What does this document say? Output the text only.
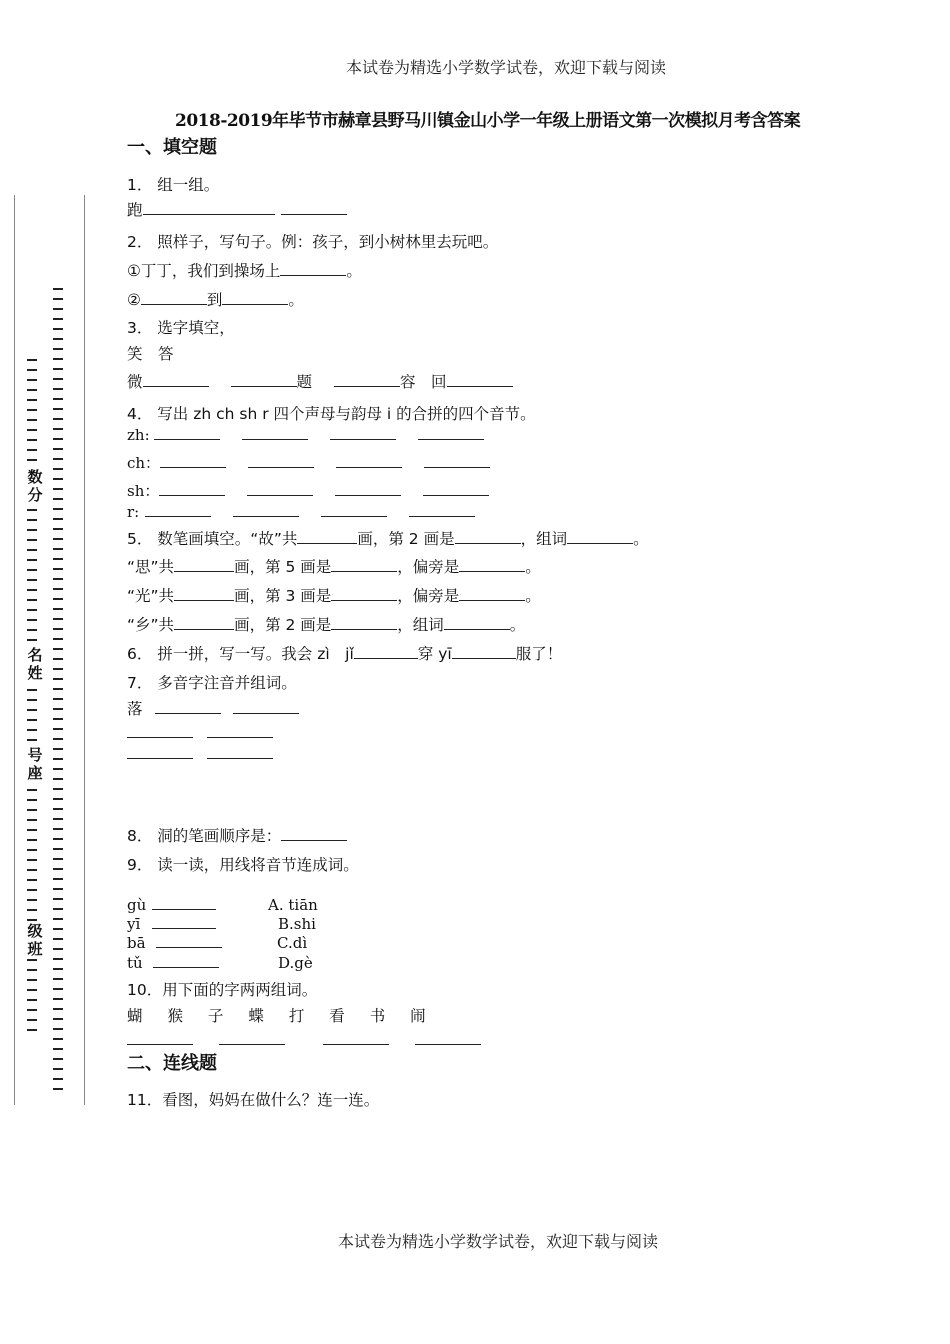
本试卷为精选小学数学试卷，欢迎下载与阅读
本试卷为精选小学数学试卷，欢迎下载与阅读
2018-2019年毕节市赫章县野马川镇金山小学一年级上册语文第一次模拟月考含答案
数分
名姓
号座
级班
一、填空题
1． 组一组。
跑
2． 照样子，写句子。例：孩子，到小树林里去玩吧。
①丁丁，我们到操场上	。
②	到	。
3． 选字填空，
笑　答
微	题	容　回
4． 写出 zh ch sh r 四个声母与韵母 i 的合拼的四个音节。
zh:
ch：
sh：
r:
5． 数笔画填空。“故”共	画，第 2 画是	，组词	。
“思”共	画，第 5 画是	，偏旁是	。
“光”共	画，第 3 画是	，偏旁是	。
“乡”共	画，第 2 画是	，组词	。
6． 拼一拼，写一写。我会 zì　jǐ	穿 yī	服了！
7． 多音字注音并组词。
落
8． 洞的笔画顺序是：
9． 读一读，用线将音节连成词。
gù	A. tiān
yī	B.shi
bā	C.dì
tǔ	D.gè
10．用下面的字两两组词。
蝴 猴 子 蝶 打 看 书 闹
二、连线题
11．看图，妈妈在做什么？连一连。
